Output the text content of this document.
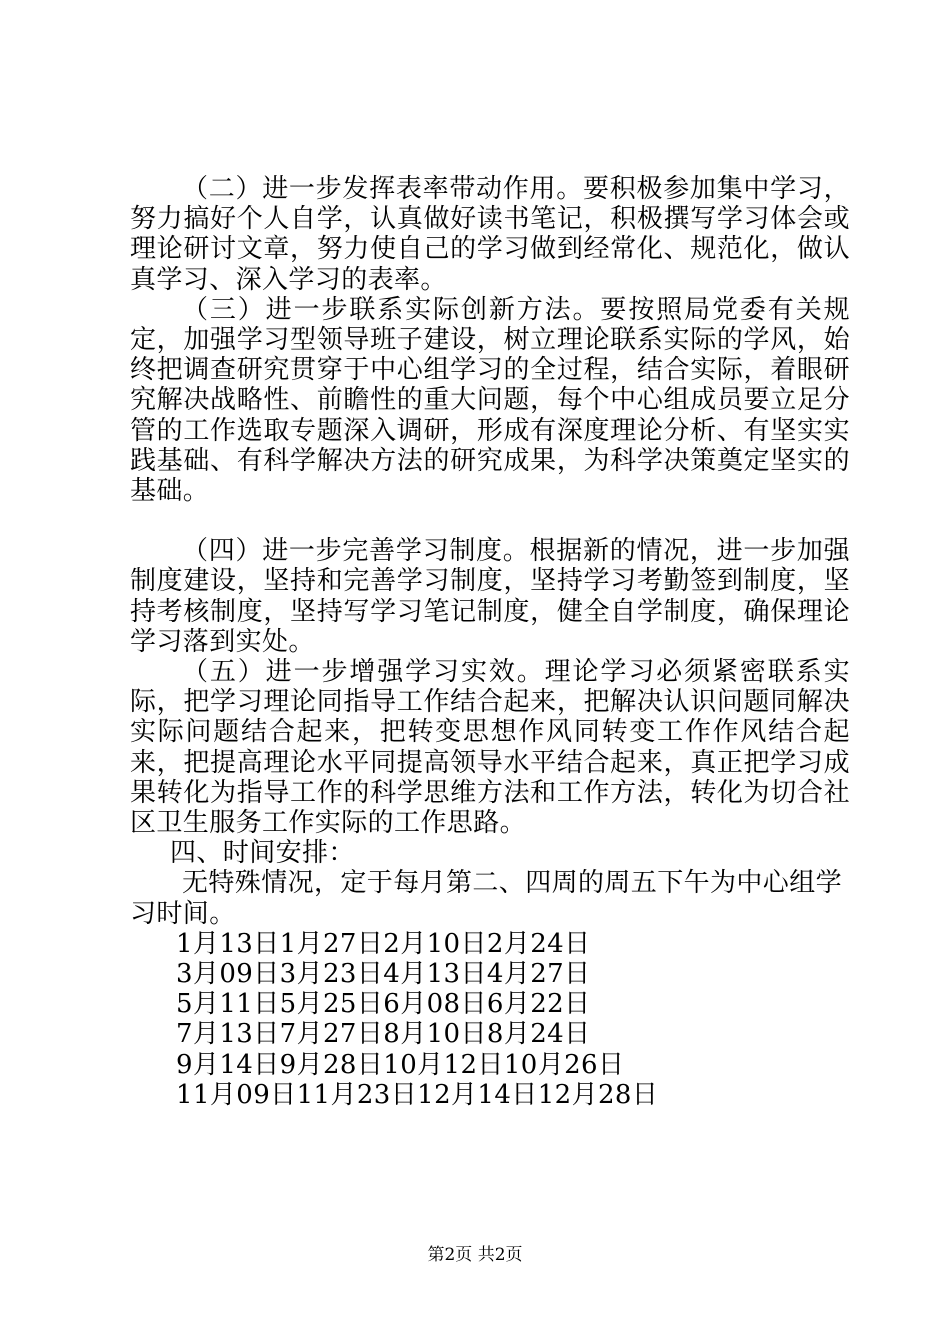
（二）进一步发挥表率带动作用。要积极参加集中学习，努力搞好个人自学，认真做好读书笔记，积极撰写学习体会或理论研讨文章，努力使自己的学习做到经常化、规范化，做认真学习、深入学习的表率。

（三）进一步联系实际创新方法。要按照局党委有关规定，加强学习型领导班子建设，树立理论联系实际的学风，始终把调查研究贯穿于中心组学习的全过程，结合实际，着眼研究解决战略性、前瞻性的重大问题，每个中心组成员要立足分管的工作选取专题深入调研，形成有深度理论分析、有坚实实践基础、有科学解决方法的研究成果，为科学决策奠定坚实的基础。

（四）进一步完善学习制度。根据新的情况，进一步加强制度建设，坚持和完善学习制度，坚持学习考勤签到制度，坚持考核制度，坚持写学习笔记制度，健全自学制度，确保理论学习落到实处。

（五）进一步增强学习实效。理论学习必须紧密联系实际，把学习理论同指导工作结合起来，把解决认识问题同解决实际问题结合起来，把转变思想作风同转变工作作风结合起来，把提高理论水平同提高领导水平结合起来，真正把学习成果转化为指导工作的科学思维方法和工作方法，转化为切合社区卫生服务工作实际的工作思路。

四、时间安排：

无特殊情况，定于每月第二、四周的周五下午为中心组学习时间。

1月13日1月27日2月10日2月24日
3月09日3月23日4月13日4月27日
5月11日5月25日6月08日6月22日
7月13日7月27日8月10日8月24日
9月14日9月28日10月12日10月26日
11月09日11月23日12月14日12月28日
第2页 共2页
